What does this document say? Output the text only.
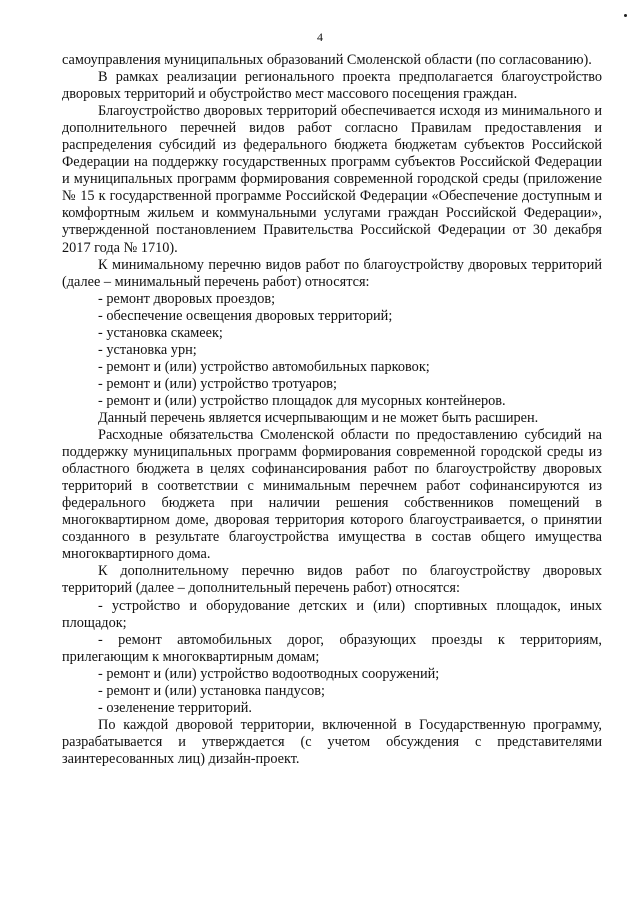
4

самоуправления муниципальных образований Смоленской области (по согласованию).

В рамках реализации регионального проекта предполагается благоустройство дворовых территорий и обустройство мест массового посещения граждан.

Благоустройство дворовых территорий обеспечивается исходя из минимального и дополнительного перечней видов работ согласно Правилам предоставления и распределения субсидий из федерального бюджета бюджетам субъектов Российской Федерации на поддержку государственных программ субъектов Российской Федерации и муниципальных программ формирования современной городской среды (приложение № 15 к государственной программе Российской Федерации «Обеспечение доступным и комфортным жильем и коммунальными услугами граждан Российской Федерации», утвержденной постановлением Правительства Российской Федерации от 30 декабря 2017 года № 1710).

К минимальному перечню видов работ по благоустройству дворовых территорий (далее – минимальный перечень работ) относятся:

- ремонт дворовых проездов;

- обеспечение освещения дворовых территорий;

- установка скамеек;

- установка урн;

- ремонт и (или) устройство автомобильных парковок;

- ремонт и (или) устройство тротуаров;

- ремонт и (или) устройство площадок для мусорных контейнеров.

Данный перечень является исчерпывающим и не может быть расширен.

Расходные обязательства Смоленской области по предоставлению субсидий на поддержку муниципальных программ формирования современной городской среды из областного бюджета в целях софинансирования работ по благоустройству дворовых территорий в соответствии с минимальным перечнем работ софинансируются из федерального бюджета при наличии решения собственников помещений в многоквартирном доме, дворовая территория которого благоустраивается, о принятии созданного в результате благоустройства имущества в состав общего имущества многоквартирного дома.

К дополнительному перечню видов работ по благоустройству дворовых территорий (далее – дополнительный перечень работ) относятся:

- устройство и оборудование детских и (или) спортивных площадок, иных площадок;

- ремонт автомобильных дорог, образующих проезды к территориям, прилегающим к многоквартирным домам;

- ремонт и (или) устройство водоотводных сооружений;

- ремонт и (или) установка пандусов;

- озеленение территорий.

По каждой дворовой территории, включенной в Государственную программу, разрабатывается и утверждается (с учетом обсуждения с представителями заинтересованных лиц) дизайн-проект.
